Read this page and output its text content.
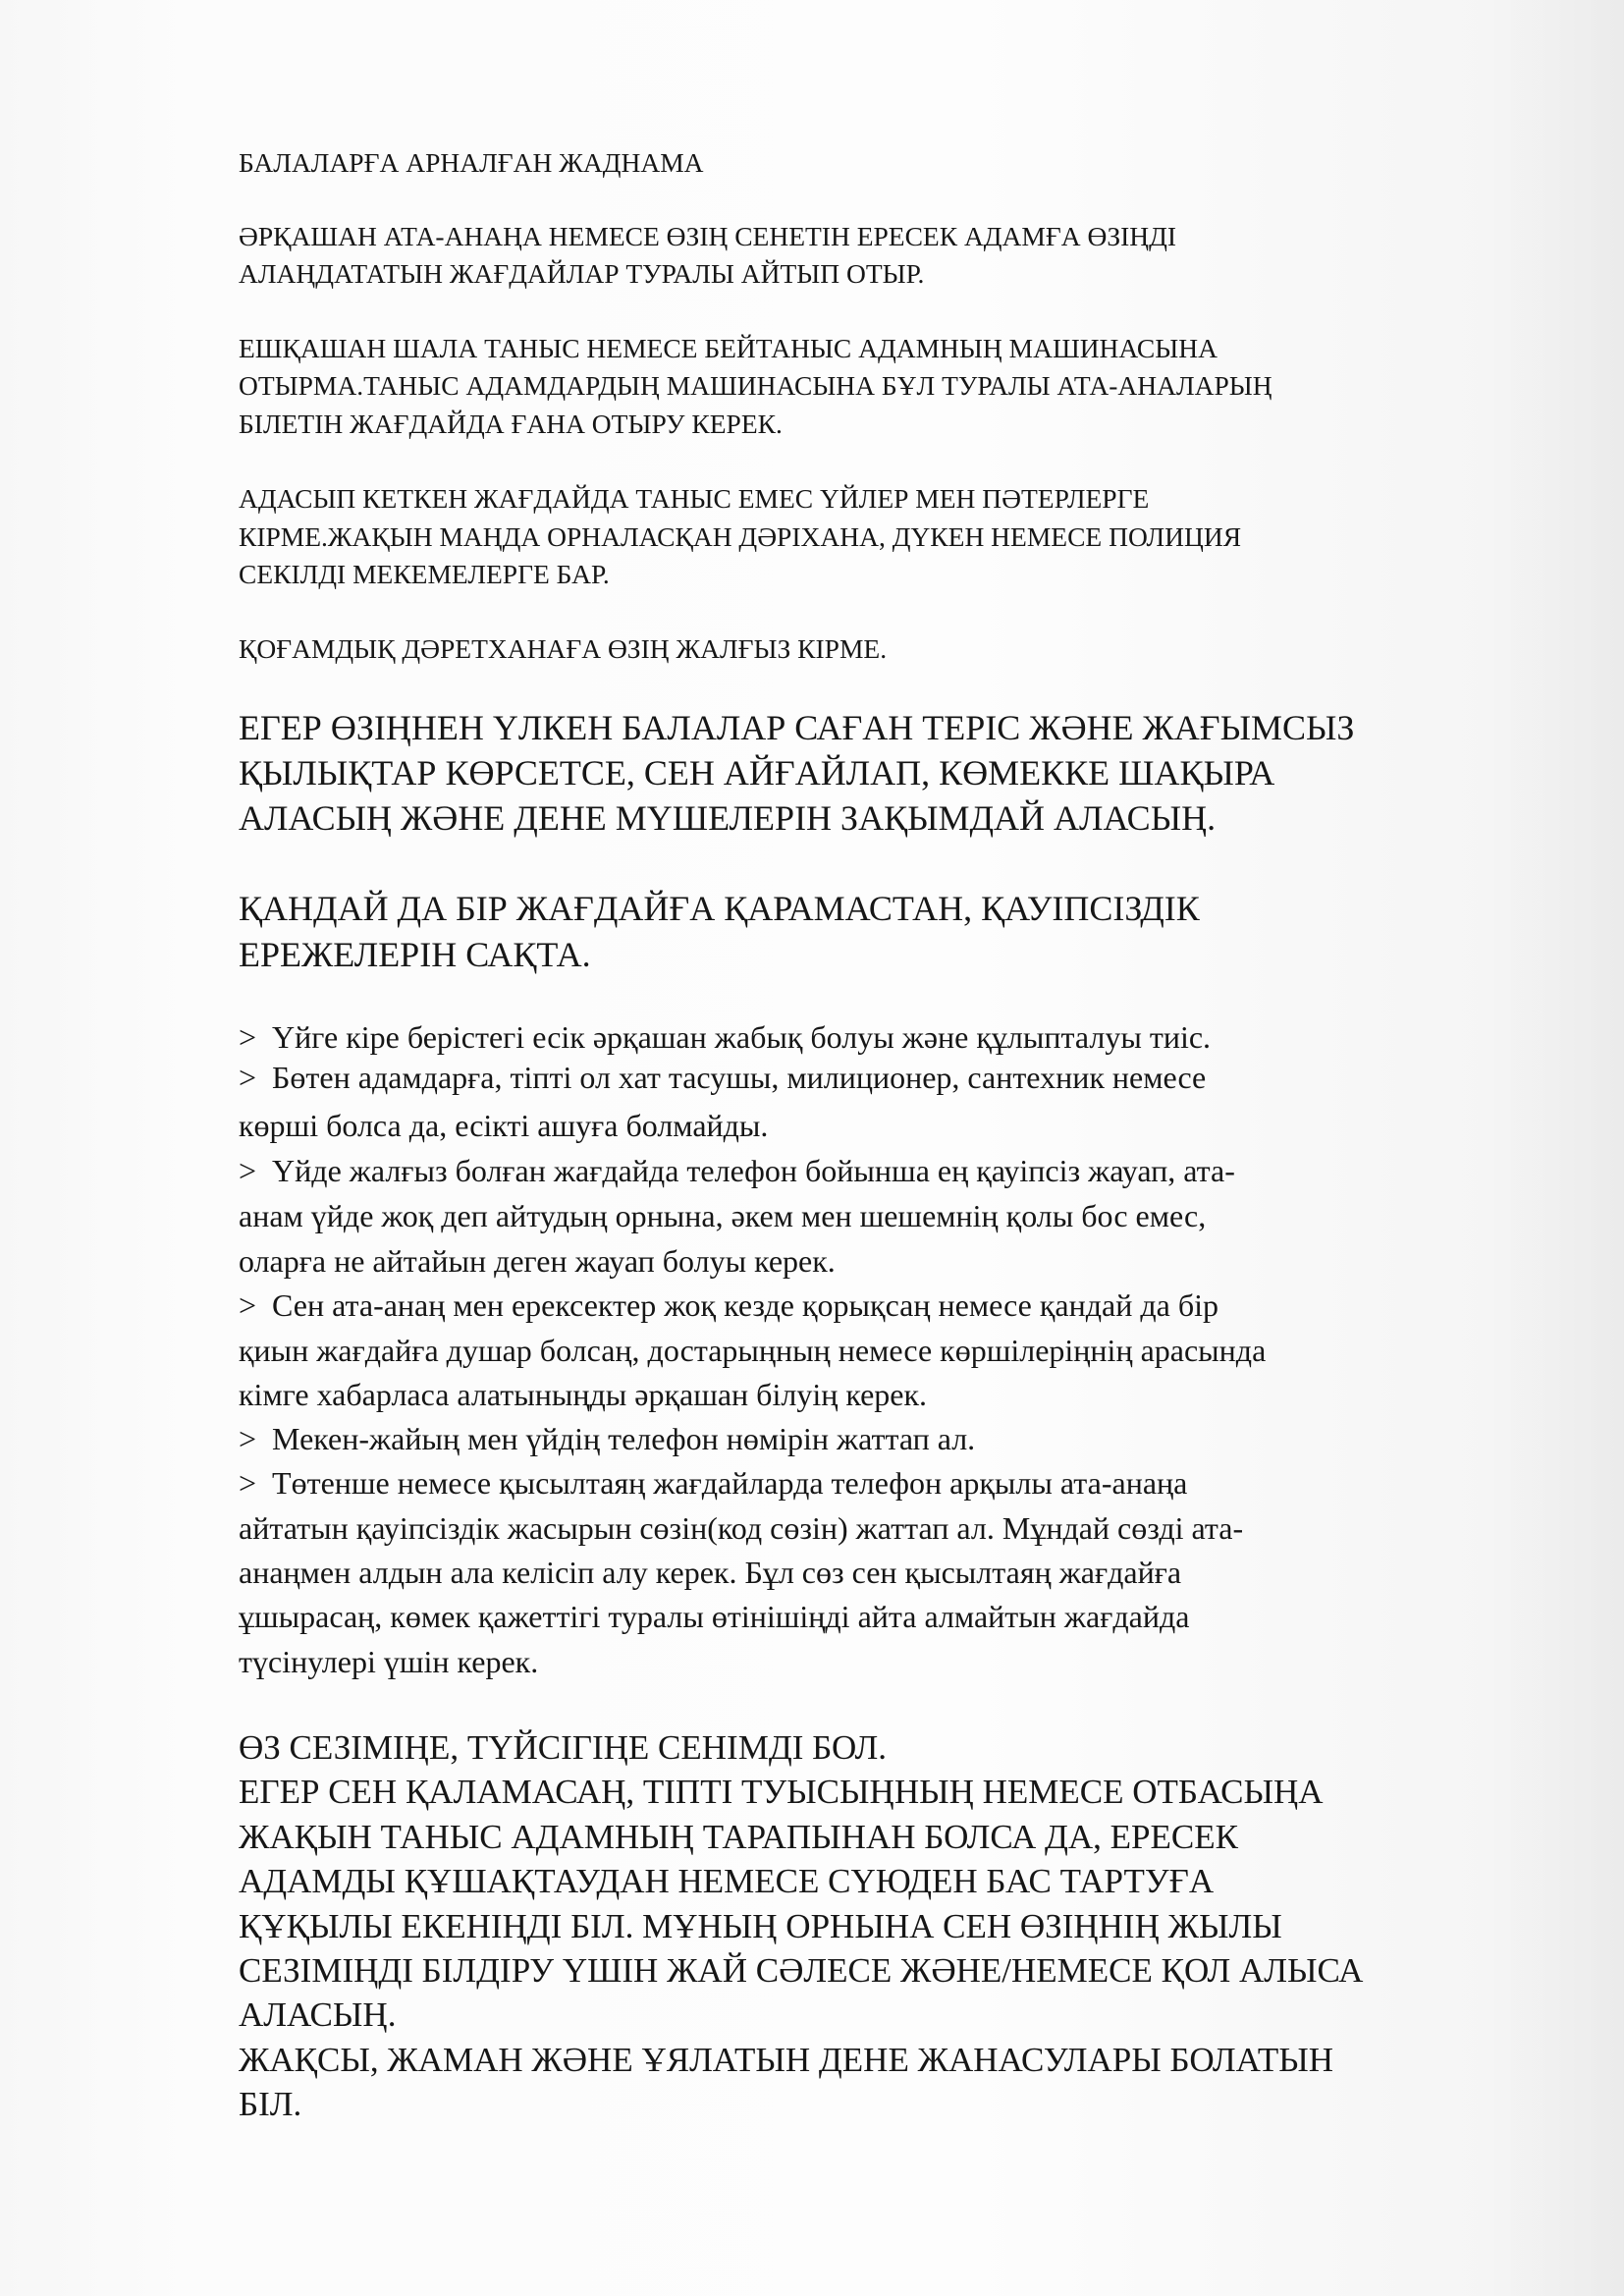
БАЛАЛАРҒА АРНАЛҒАН ЖАДНАМА
ӘРҚАШАН АТА-АНАҢА НЕМЕСЕ ӨЗІҢ СЕНЕТІН ЕРЕСЕК АДАМҒА ӨЗІҢДІ
АЛАҢДАТАТЫН ЖАҒДАЙЛАР ТУРАЛЫ АЙТЫП ОТЫР.
ЕШҚАШАН ШАЛА ТАНЫС НЕМЕСЕ БЕЙТАНЫС АДАМНЫҢ МАШИНАСЫНА
ОТЫРМА.ТАНЫС АДАМДАРДЫҢ МАШИНАСЫНА БҰЛ ТУРАЛЫ АТА-АНАЛАРЫҢ
БІЛЕТІН ЖАҒДАЙДА ҒАНА ОТЫРУ КЕРЕК.
АДАСЫП КЕТКЕН ЖАҒДАЙДА ТАНЫС ЕМЕС ҮЙЛЕР МЕН ПӘТЕРЛЕРГЕ
КІРМЕ.ЖАҚЫН МАҢДА ОРНАЛАСҚАН ДӘРІХАНА, ДҮКЕН НЕМЕСЕ ПОЛИЦИЯ
СЕКІЛДІ МЕКЕМЕЛЕРГЕ БАР.
ҚОҒАМДЫҚ ДӘРЕТХАНАҒА ӨЗІҢ ЖАЛҒЫЗ КІРМЕ.
ЕГЕР ӨЗІҢНЕН ҮЛКЕН БАЛАЛАР САҒАН ТЕРІС ЖӘНЕ ЖАҒЫМСЫЗ
ҚЫЛЫҚТАР КӨРСЕТСЕ, СЕН АЙҒАЙЛАП, КӨМЕККЕ ШАҚЫРА
АЛАСЫҢ ЖӘНЕ ДЕНЕ МҮШЕЛЕРІН ЗАҚЫМДАЙ АЛАСЫҢ.
ҚАНДАЙ ДА БІР ЖАҒДАЙҒА ҚАРАМАСТАН, ҚАУІПСІЗДІК
ЕРЕЖЕЛЕРІН САҚТА.
> Үйге кіре берістегі есік әрқашан жабық болуы және құлыпталуы тиіс.
> Бөтен адамдарға, тіпті ол хат тасушы, милиционер, сантехник немесе
көрші болса да, есікті ашуға болмайды.
> Үйде жалғыз болған жағдайда телефон бойынша ең қауіпсіз жауап, ата-
анам үйде жоқ деп айтудың орнына, әкем мен шешемнің қолы бос емес,
оларға не айтайын деген жауап болуы керек.
> Сен ата-анаң мен ерексектер жоқ кезде қорықсаң немесе қандай да бір
қиын жағдайға душар болсаң, достарыңның немесе көршілеріңнің арасында
кімге хабарласа алатыныңды әрқашан білуің керек.
> Мекен-жайың мен үйдің телефон нөмірін жаттап ал.
> Төтенше немесе қысылтаяң жағдайларда телефон арқылы ата-анаңа
айтатын қауіпсіздік жасырын сөзін(код сөзін) жаттап ал. Мұндай сөзді ата-
анаңмен алдын ала келісіп алу керек. Бұл сөз сен қысылтаяң жағдайға
ұшырасаң, көмек қажеттігі туралы өтінішіңді айта алмайтын жағдайда
түсінулері үшін керек.
ӨЗ СЕЗІМІҢЕ, ТҮЙСІГІҢЕ СЕНІМДІ БОЛ.
ЕГЕР СЕН ҚАЛАМАСАҢ, ТІПТІ ТУЫСЫҢНЫҢ НЕМЕСЕ ОТБАСЫҢА
ЖАҚЫН ТАНЫС АДАМНЫҢ ТАРАПЫНАН БОЛСА ДА, ЕРЕСЕК
АДАМДЫ ҚҰШАҚТАУДАН НЕМЕСЕ СҮЮДЕН БАС ТАРТУҒА
ҚҰҚЫЛЫ ЕКЕНІҢДІ БІЛ. МҰНЫҢ ОРНЫНА СЕН ӨЗІҢНІҢ ЖЫЛЫ
СЕЗІМІҢДІ БІЛДІРУ ҮШІН ЖАЙ СӘЛЕСЕ ЖӘНЕ/НЕМЕСЕ ҚОЛ АЛЫСА
АЛАСЫҢ.
ЖАҚСЫ, ЖАМАН ЖӘНЕ ҰЯЛАТЫН ДЕНЕ ЖАНАСУЛАРЫ БОЛАТЫН
БІЛ.
